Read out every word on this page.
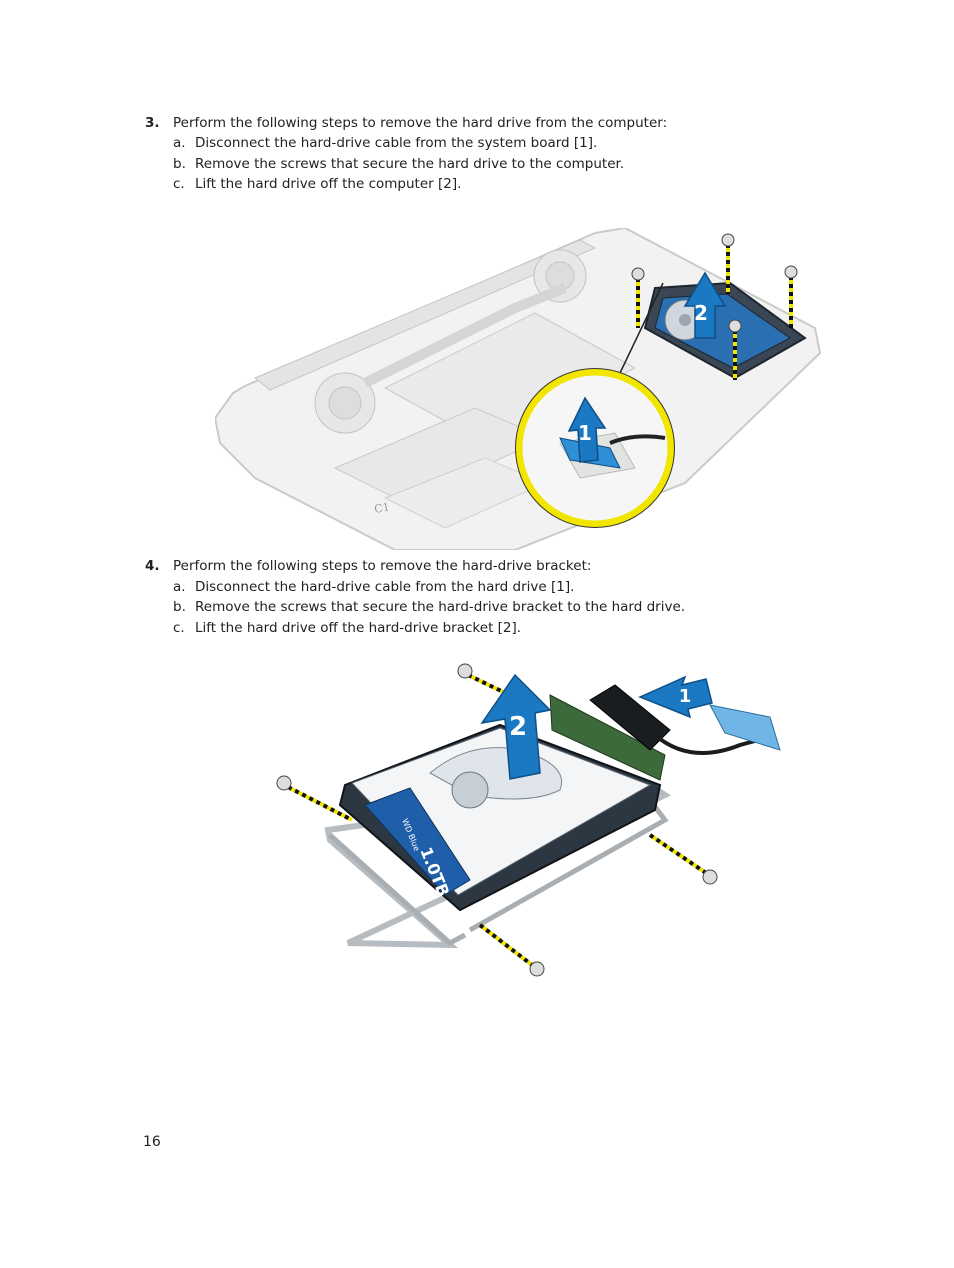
3. Perform the following steps to remove the hard drive from the computer:
a. Disconnect the hard-drive cable from the system board [1].
b. Remove the screws that secure the hard drive to the computer.
c. Lift the hard drive off the computer [2].
C1
2
1
4. Perform the following steps to remove the hard-drive bracket:
a. Disconnect the hard-drive cable from the hard drive [1].
b. Remove the screws that secure the hard-drive bracket to the hard drive.
c. Lift the hard drive off the hard-drive bracket [2].
1.0TB
WD Blue
2
1
16
